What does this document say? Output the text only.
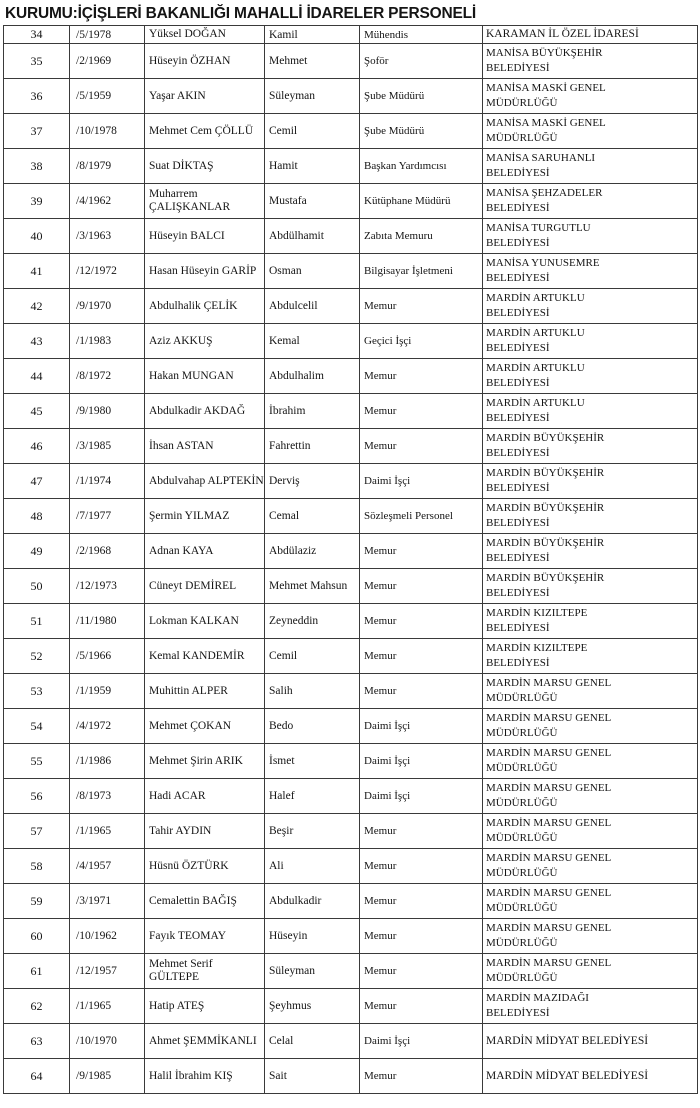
KURUMU:İÇİŞLERİ BAKANLIĞI MAHALLİ İDARELER PERSONELİ
34	/5/1978	Yüksel DOĞAN	Kamil	Mühendis	KARAMAN İL ÖZEL İDARESİ

35	/2/1969	Hüseyin ÖZHAN	Mehmet	Şoför	MANİSA BÜYÜKŞEHİR
BELEDİYESİ

36	/5/1959	Yaşar AKIN	Süleyman	Şube Müdürü	MANİSA MASKİ GENEL
MÜDÜRLÜĞÜ

37	/10/1978	Mehmet Cem ÇÖLLÜ	Cemil	Şube Müdürü	MANİSA MASKİ GENEL
MÜDÜRLÜĞÜ

38	/8/1979	Suat DİKTAŞ	Hamit	Başkan Yardımcısı	MANİSA SARUHANLI
BELEDİYESİ

39	/4/1962	Muharrem ÇALIŞKANLAR	Mustafa	Kütüphane Müdürü	MANİSA ŞEHZADELER
BELEDİYESİ

40	/3/1963	Hüseyin BALCI	Abdülhamit	Zabıta Memuru	MANİSA TURGUTLU
BELEDİYESİ

41	/12/1972	Hasan Hüseyin GARİP	Osman	Bilgisayar İşletmeni	MANİSA YUNUSEMRE
BELEDİYESİ

42	/9/1970	Abdulhalik ÇELİK	Abdulcelil	Memur	MARDİN ARTUKLU
BELEDİYESİ

43	/1/1983	Aziz AKKUŞ	Kemal	Geçici İşçi	MARDİN ARTUKLU
BELEDİYESİ

44	/8/1972	Hakan MUNGAN	Abdulhalim	Memur	MARDİN ARTUKLU
BELEDİYESİ

45	/9/1980	Abdulkadir AKDAĞ	İbrahim	Memur	MARDİN ARTUKLU
BELEDİYESİ

46	/3/1985	İhsan ASTAN	Fahrettin	Memur	MARDİN BÜYÜKŞEHİR
BELEDİYESİ

47	/1/1974	Abdulvahap ALPTEKİN	Derviş	Daimi İşçi	MARDİN BÜYÜKŞEHİR
BELEDİYESİ

48	/7/1977	Şermin YILMAZ	Cemal	Sözleşmeli Personel	MARDİN BÜYÜKŞEHİR
BELEDİYESİ

49	/2/1968	Adnan KAYA	Abdülaziz	Memur	MARDİN BÜYÜKŞEHİR
BELEDİYESİ

50	/12/1973	Cüneyt DEMİREL	Mehmet Mahsun	Memur	MARDİN BÜYÜKŞEHİR
BELEDİYESİ

51	/11/1980	Lokman KALKAN	Zeyneddin	Memur	MARDİN KIZILTEPE
BELEDİYESİ

52	/5/1966	Kemal KANDEMİR	Cemil	Memur	MARDİN KIZILTEPE
BELEDİYESİ

53	/1/1959	Muhittin ALPER	Salih	Memur	MARDİN MARSU GENEL
MÜDÜRLÜĞÜ

54	/4/1972	Mehmet ÇOKAN	Bedo	Daimi İşçi	MARDİN MARSU GENEL
MÜDÜRLÜĞÜ

55	/1/1986	Mehmet Şirin ARIK	İsmet	Daimi İşçi	MARDİN MARSU GENEL
MÜDÜRLÜĞÜ

56	/8/1973	Hadi ACAR	Halef	Daimi İşçi	MARDİN MARSU GENEL
MÜDÜRLÜĞÜ

57	/1/1965	Tahir AYDIN	Beşir	Memur	MARDİN MARSU GENEL
MÜDÜRLÜĞÜ

58	/4/1957	Hüsnü ÖZTÜRK	Ali	Memur	MARDİN MARSU GENEL
MÜDÜRLÜĞÜ

59	/3/1971	Cemalettin BAĞIŞ	Abdulkadir	Memur	MARDİN MARSU GENEL
MÜDÜRLÜĞÜ

60	/10/1962	Fayık TEOMAY	Hüseyin	Memur	MARDİN MARSU GENEL
MÜDÜRLÜĞÜ

61	/12/1957	Mehmet Serif GÜLTEPE	Süleyman	Memur	MARDİN MARSU GENEL
MÜDÜRLÜĞÜ

62	/1/1965	Hatip ATEŞ	Şeyhmus	Memur	MARDİN MAZIDAĞI
BELEDİYESİ

63	/10/1970	Ahmet ŞEMMİKANLI	Celal	Daimi İşçi	MARDİN MİDYAT BELEDİYESİ

64	/9/1985	Halil İbrahim KIŞ	Sait	Memur	MARDİN MİDYAT BELEDİYESİ
